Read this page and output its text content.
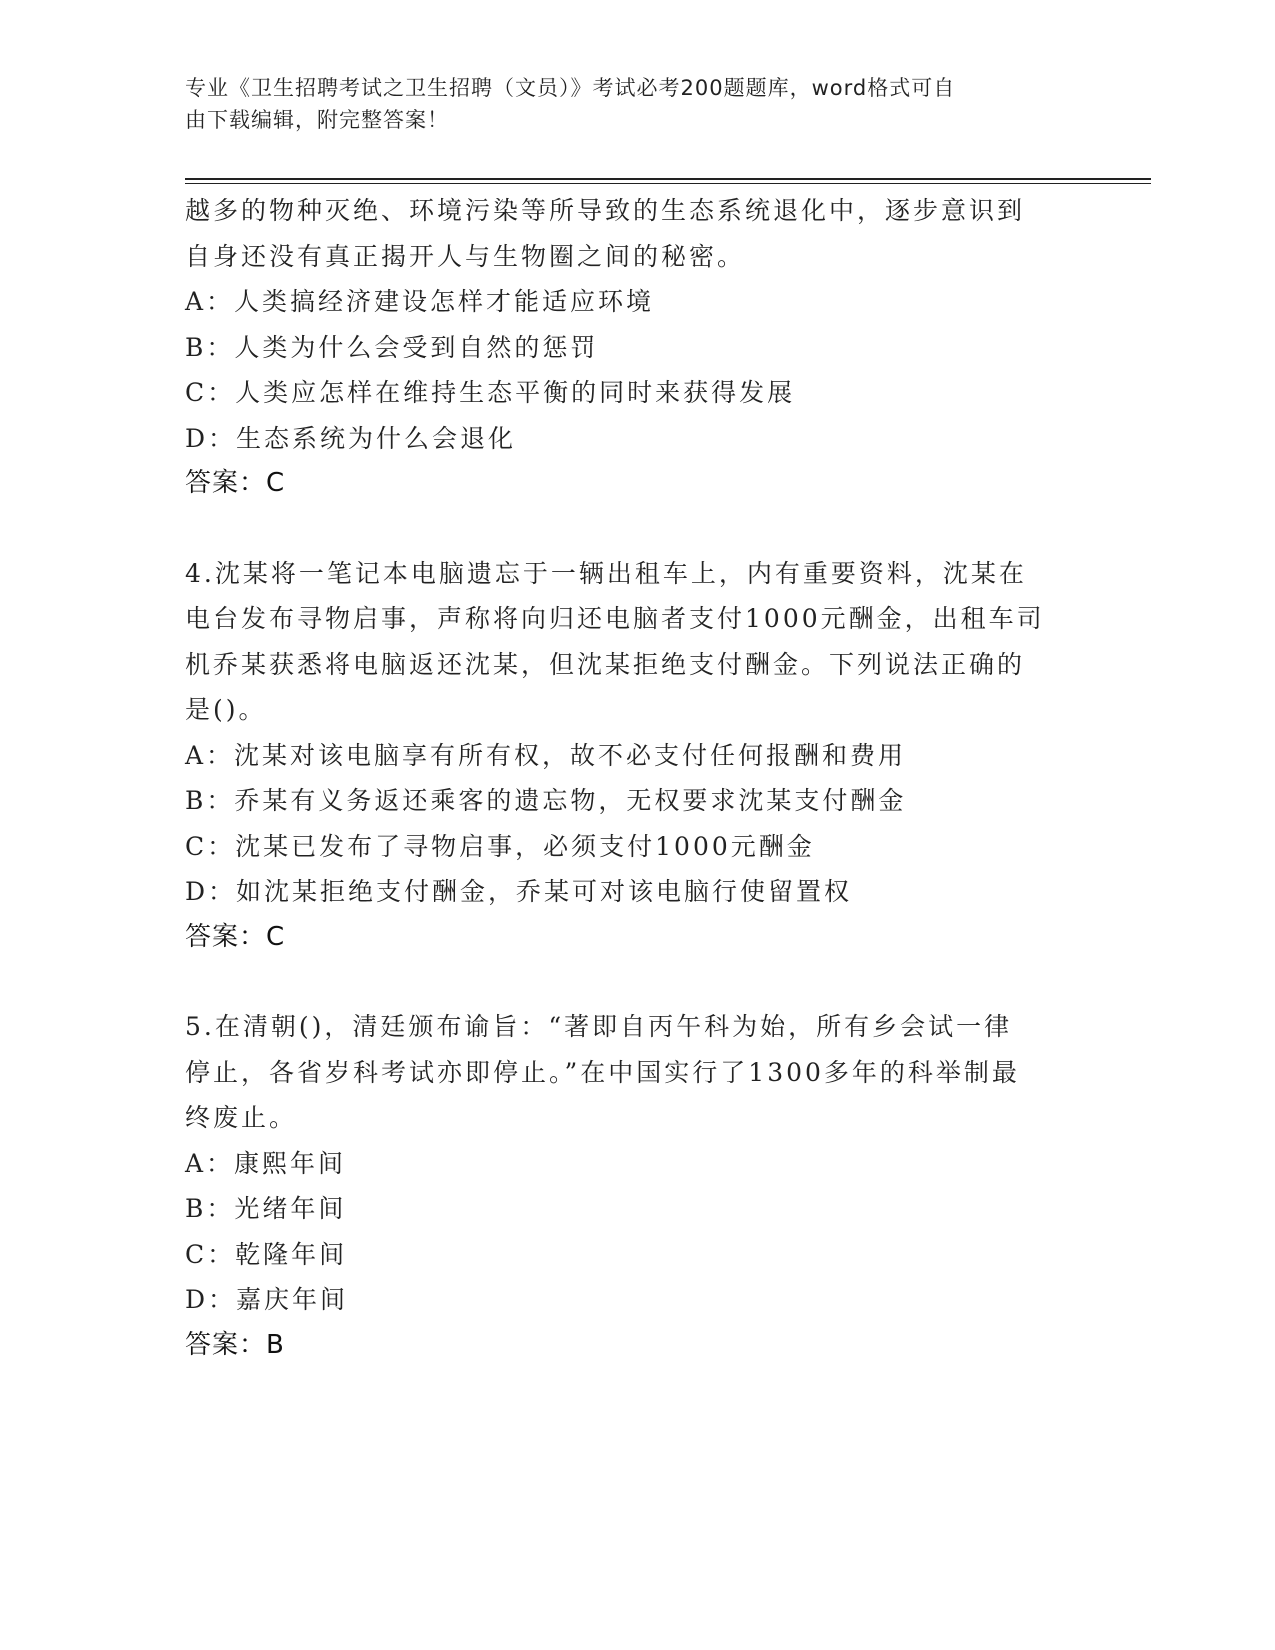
专业《卫生招聘考试之卫生招聘（文员）》考试必考200题题库，word格式可自
由下载编辑，附完整答案！
越多的物种灭绝、环境污染等所导致的生态系统退化中，逐步意识到
自身还没有真正揭开人与生物圈之间的秘密。
A：人类搞经济建设怎样才能适应环境
B：人类为什么会受到自然的惩罚
C：人类应怎样在维持生态平衡的同时来获得发展
D：生态系统为什么会退化
答案：C
4.沈某将一笔记本电脑遗忘于一辆出租车上，内有重要资料，沈某在
电台发布寻物启事，声称将向归还电脑者支付1000元酬金，出租车司
机乔某获悉将电脑返还沈某，但沈某拒绝支付酬金。下列说法正确的
是()。
A：沈某对该电脑享有所有权，故不必支付任何报酬和费用
B：乔某有义务返还乘客的遗忘物，无权要求沈某支付酬金
C：沈某已发布了寻物启事，必须支付1000元酬金
D：如沈某拒绝支付酬金，乔某可对该电脑行使留置权
答案：C
5.在清朝()，清廷颁布谕旨：“著即自丙午科为始，所有乡会试一律
停止，各省岁科考试亦即停止。”在中国实行了1300多年的科举制最
终废止。
A：康熙年间
B：光绪年间
C：乾隆年间
D：嘉庆年间
答案：B
